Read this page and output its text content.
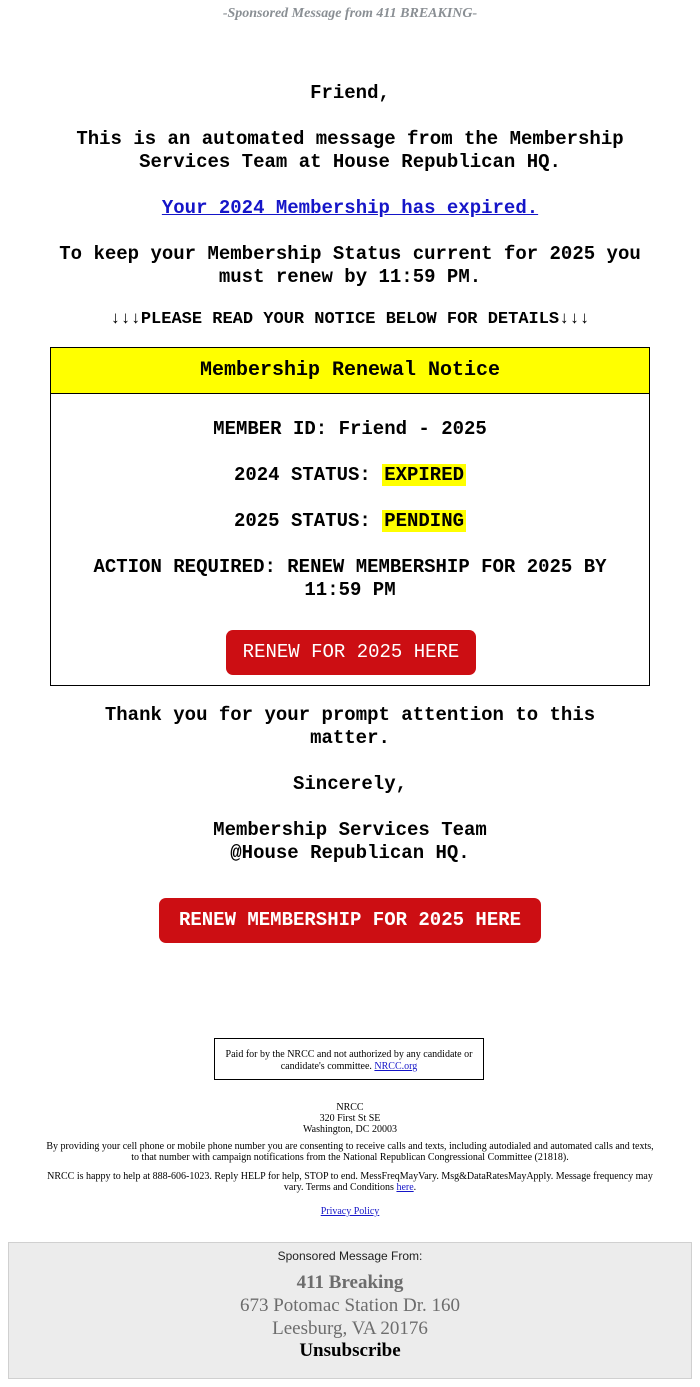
-Sponsored Message from 411 BREAKING-
Friend,
This is an automated message from the Membership Services Team at House Republican HQ.
Your 2024 Membership has expired.
To keep your Membership Status current for 2025 you must renew by 11:59 PM.
↓↓↓PLEASE READ YOUR NOTICE BELOW FOR DETAILS↓↓↓
Membership Renewal Notice
MEMBER ID: Friend - 2025
2024 STATUS: EXPIRED
2025 STATUS: PENDING
ACTION REQUIRED: RENEW MEMBERSHIP FOR 2025 BY 11:59 PM
RENEW FOR 2025 HERE
Thank you for your prompt attention to this matter.
Sincerely,
Membership Services Team
@House Republican HQ.
RENEW MEMBERSHIP FOR 2025 HERE
Paid for by the NRCC and not authorized by any candidate or candidate's committee. NRCC.org
NRCC
320 First St SE
Washington, DC 20003
By providing your cell phone or mobile phone number you are consenting to receive calls and texts, including autodialed and automated calls and texts, to that number with campaign notifications from the National Republican Congressional Committee (21818).
NRCC is happy to help at 888-606-1023. Reply HELP for help, STOP to end. MessFreqMayVary. Msg&DataRatesMayApply. Message frequency may vary. Terms and Conditions here.
Privacy Policy
Sponsored Message From:
411 Breaking
673 Potomac Station Dr. 160
Leesburg, VA 20176
Unsubscribe
